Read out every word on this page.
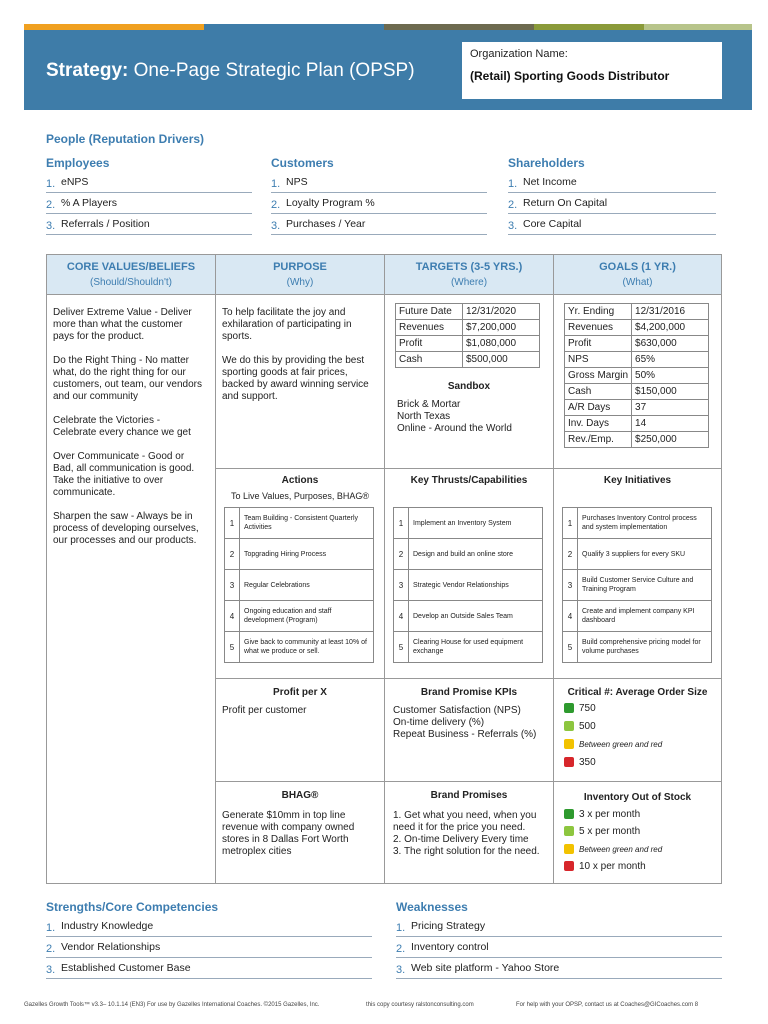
Strategy: One-Page Strategic Plan (OPSP)
Organization Name:
(Retail) Sporting Goods Distributor
People (Reputation Drivers)
Employees
1. eNPS
2. % A Players
3. Referrals / Position
Customers
1. NPS
2. Loyalty Program %
3. Purchases / Year
Shareholders
1. Net Income
2. Return On Capital
3. Core Capital
CORE VALUES/BELIEFS
(Should/Shouldn't)
PURPOSE
(Why)
TARGETS (3-5 YRS.)
(Where)
GOALS (1 YR.)
(What)
Deliver Extreme Value - Deliver more than what the customer pays for the product.

Do the Right Thing - No matter what, do the right thing for our customers, out team, our vendors and our community

Celebrate the Victories - Celebrate every chance we get

Over Communicate - Good or Bad, all communication is good. Take the initiative to over communicate.

Sharpen the saw - Always be in process of developing ourselves, our processes and our products.
To help facilitate the joy and exhilaration of participating in sports.

We do this by providing the best sporting goods at fair prices, backed by award winning service and support.
Future Date	12/31/2020
Revenues	$7,200,000
Profit	$1,080,000
Cash	$500,000
Sandbox
Brick & Mortar
North Texas
Online - Around the World
Yr. Ending	12/31/2016
Revenues	$4,200,000
Profit	$630,000
NPS	65%
Gross Margin	50%
Cash	$150,000
A/R Days	37
Inv. Days	14
Rev./Emp.	$250,000
Actions
To Live Values, Purposes, BHAG®
1	Team Building - Consistent Quarterly Activities
2	Topgrading Hiring Process
3	Regular Celebrations
4	Ongoing education and staff development (Program)
5	Give back to community at least 10% of what we produce or sell.
Key Thrusts/Capabilities
1	Implement an Inventory System
2	Design and build an online store
3	Strategic Vendor Relationships
4	Develop an Outside Sales Team
5	Clearing House for used equipment exchange
Key Initiatives
1	Purchases Inventory Control process and system implementation
2	Qualify 3 suppliers for every SKU
3	Build Customer Service Culture and Training Program
4	Create and implement company KPI dashboard
5	Build comprehensive pricing model for volume purchases
Profit per X
Profit per customer
Brand Promise KPIs
Customer Satisfaction (NPS)
On-time delivery (%)
Repeat Business - Referrals (%)
Critical #: Average Order Size
750
500
Between green and red
350
BHAG®
Generate $10mm in top line revenue with company owned stores in 8 Dallas Fort Worth metroplex cities
Brand Promises
1. Get what you need, when you need it for the price you need.
2. On-time Delivery Every time
3. The right solution for the need.
Inventory Out of Stock
3 x per month
5 x per month
Between green and red
10 x per month
Strengths/Core Competencies
1. Industry Knowledge
2. Vendor Relationships
3. Established Customer Base
Weaknesses
1. Pricing Strategy
2. Inventory control
3. Web site platform - Yahoo Store
Gazelles Growth Tools™ v3.3– 10.1.14 (EN3) For use by Gazelles International Coaches. ©2015 Gazelles, Inc.	this copy courtesy ralstonconsulting.com	For help with your OPSP, contact us at Coaches@GICoaches.com 8
